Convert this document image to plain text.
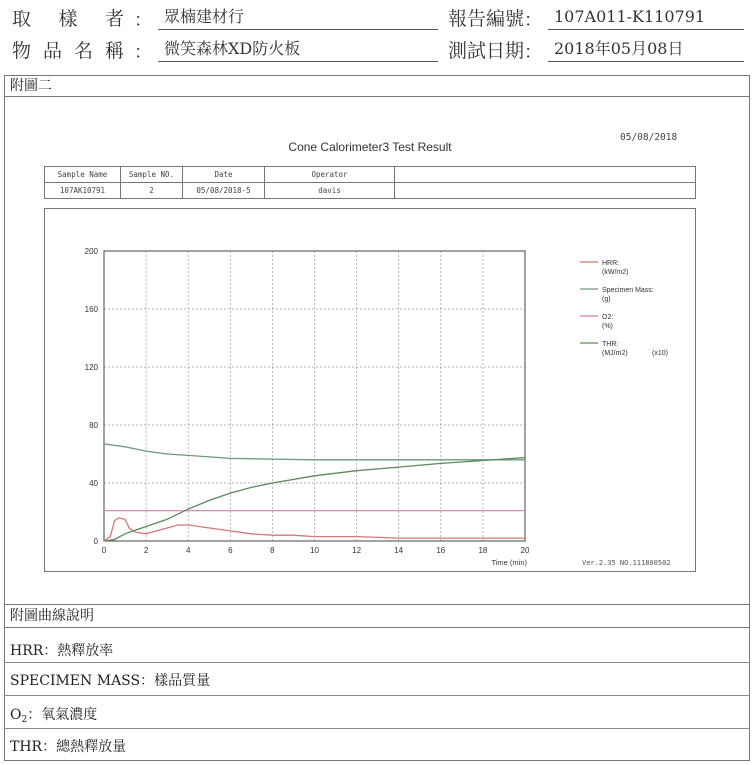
取 樣 者 ： 眾楠建材行
物 品 名 稱 ： 微笑森林XD防火板
報告編號 ： 107A011-K110791
測試日期 ： 2018年05月08日
附圖二
05/08/2018
Cone Calorimeter3 Test Result
Sample Name	Sample NO.	Date	Operator	
107AK10791	2	05/08/2018-5	davis	
0	2	4	6	8	10	12	14	16	18	20
0
40
80
120
160
200
Time (min)
HRR:
(kW/m2)
Specimen Mass:
(g)
O2:
(%)
THR:
(MJ/m2)	(x10)
Ver.2.35 NO.111800502
附圖曲線說明
HRR：熱釋放率
SPECIMEN MASS：樣品質量
$O_2$：氧氣濃度
THR：總熱釋放量
